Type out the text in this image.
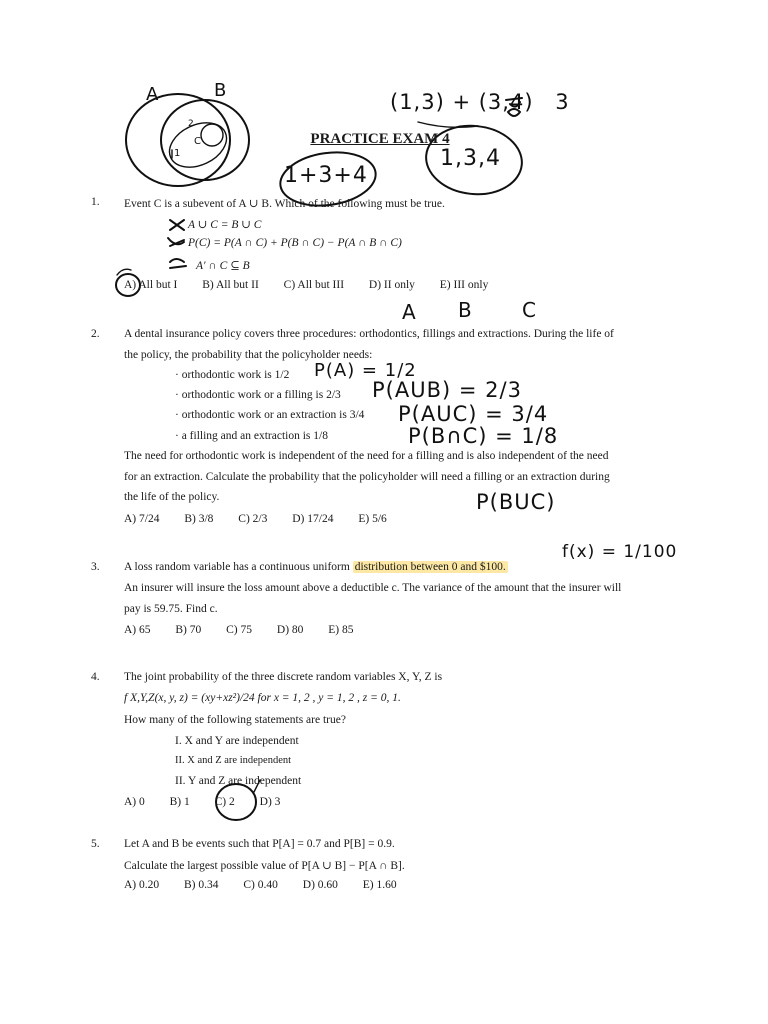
A	B
1
2
C
(1,3) + (3,4) 3
1+3+4
1,3,4
A B C
P(A) = 1/2
P(AUB) = 2/3
P(AUC) = 3/4
P(B∩C) = 1/8
P(BUC)
f(x) = 1/100
PRACTICE EXAM 4
1. Event C is a subevent of A ∪ B. Which of the following must be true.
A ∪ C = B ∪ C
P(C) = P(A ∩ C) + P(B ∩ C) − P(A ∩ B ∩ C)
A′ ∩ C ⊆ B
A) All but I B) All but II C) All but III D) II only E) III only
2. A dental insurance policy covers three procedures: orthodontics, fillings and extractions. During the life of
the policy, the probability that the policyholder needs:
· orthodontic work is 1/2
· orthodontic work or a filling is 2/3
· orthodontic work or an extraction is 3/4
· a filling and an extraction is 1/8
The need for orthodontic work is independent of the need for a filling and is also independent of the need
for an extraction. Calculate the probability that the policyholder will need a filling or an extraction during
the life of the policy.
A) 7/24 B) 3/8 C) 2/3 D) 17/24 E) 5/6
3. A loss random variable has a continuous uniform distribution between 0 and $100.
An insurer will insure the loss amount above a deductible c. The variance of the amount that the insurer will
pay is 59.75. Find c.
A) 65 B) 70 C) 75 D) 80 E) 85
4. The joint probability of the three discrete random variables X, Y, Z is
f X,Y,Z(x, y, z) = (xy+xz²)/24 for x = 1, 2 , y = 1, 2 , z = 0, 1.
How many of the following statements are true?
I. X and Y are independent
II. X and Z are independent
II. Y and Z are independent
A) 0 B) 1 C) 2 D) 3
5. Let A and B be events such that P[A] = 0.7 and P[B] = 0.9.
Calculate the largest possible value of P[A ∪ B] − P[A ∩ B].
A) 0.20 B) 0.34 C) 0.40 D) 0.60 E) 1.60
